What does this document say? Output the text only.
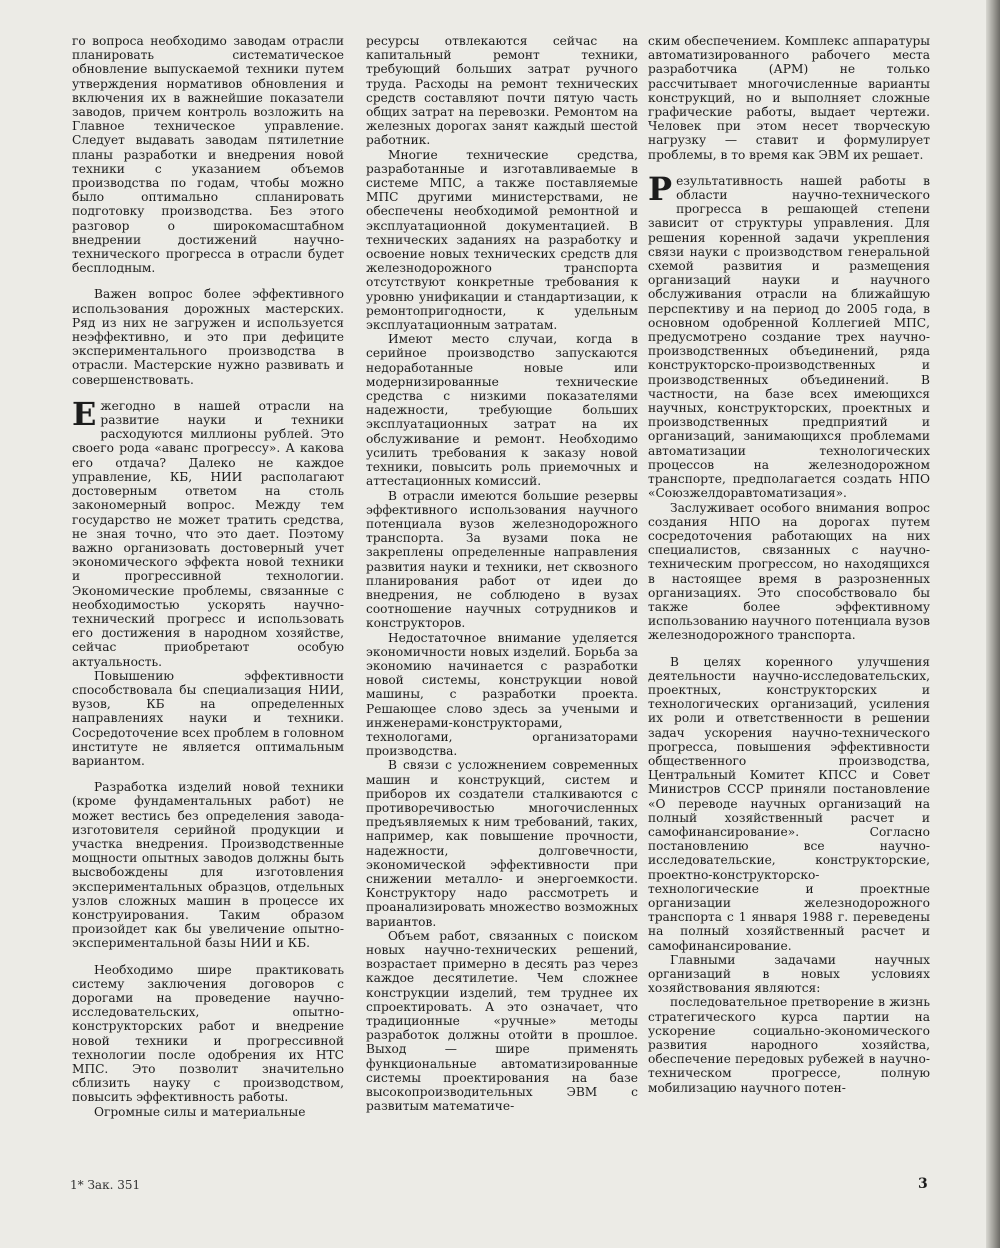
го вопроса необходимо заводам отрасли планировать систематическое обновление выпускаемой техники путем утверждения нормативов обновления и включения их в важнейшие показатели заводов, причем контроль возложить на Главное техническое управление. Следует выдавать заводам пятилетние планы разработки и внедрения новой техники с указанием объемов производства по годам, чтобы можно было оптимально спланировать подготовку производства. Без этого разговор о широкомасштабном внедрении достижений научно-технического прогресса в отрасли будет бесплодным.

Важен вопрос более эффективного использования дорожных мастерских. Ряд из них не загружен и используется неэффективно, и это при дефиците экспериментального производства в отрасли. Мастерские нужно развивать и совершенствовать.

Ежегодно в нашей отрасли на развитие науки и техники расходуются миллионы рублей. Это своего рода «аванс прогрессу». А какова его отдача? Далеко не каждое управление, КБ, НИИ располагают достоверным ответом на столь закономерный вопрос. Между тем государство не может тратить средства, не зная точно, что это дает. Поэтому важно организовать достоверный учет экономического эффекта новой техники и прогрессивной технологии. Экономические проблемы, связанные с необходимостью ускорять научно-технический прогресс и использовать его достижения в народном хозяйстве, сейчас приобретают особую актуальность.

Повышению эффективности способствовала бы специализация НИИ, вузов, КБ на определенных направлениях науки и техники. Сосредоточение всех проблем в головном институте не является оптимальным вариантом.

Разработка изделий новой техники (кроме фундаментальных работ) не может вестись без определения завода-изготовителя серийной продукции и участка внедрения. Производственные мощности опытных заводов должны быть высвобождены для изготовления экспериментальных образцов, отдельных узлов сложных машин в процессе их конструирования. Таким образом произойдет как бы увеличение опытно-экспериментальной базы НИИ и КБ.

Необходимо шире практиковать систему заключения договоров с дорогами на проведение научно-исследовательских, опытно-конструкторских работ и внедрение новой техники и прогрессивной технологии после одобрения их НТС МПС. Это позволит значительно сблизить науку с производством, повысить эффективность работы.

Огромные силы и материальные

ресурсы отвлекаются сейчас на капитальный ремонт техники, требующий больших затрат ручного труда. Расходы на ремонт технических средств составляют почти пятую часть общих затрат на перевозки. Ремонтом на железных дорогах занят каждый шестой работник.

Многие технические средства, разработанные и изготавливаемые в системе МПС, а также поставляемые МПС другими министерствами, не обеспечены необходимой ремонтной и эксплуатационной документацией. В технических заданиях на разработку и освоение новых технических средств для железнодорожного транспорта отсутствуют конкретные требования к уровню унификации и стандартизации, к ремонтопригодности, к удельным эксплуатационным затратам.

Имеют место случаи, когда в серийное производство запускаются недоработанные новые или модернизированные технические средства с низкими показателями надежности, требующие больших эксплуатационных затрат на их обслуживание и ремонт. Необходимо усилить требования к заказу новой техники, повысить роль приемочных и аттестационных комиссий.

В отрасли имеются большие резервы эффективного использования научного потенциала вузов железнодорожного транспорта. За вузами пока не закреплены определенные направления развития науки и техники, нет сквозного планирования работ от идеи до внедрения, не соблюдено в вузах соотношение научных сотрудников и конструкторов.

Недостаточное внимание уделяется экономичности новых изделий. Борьба за экономию начинается с разработки новой системы, конструкции новой машины, с разработки проекта. Решающее слово здесь за учеными и инженерами-конструкторами, технологами, организаторами производства.

В связи с усложнением современных машин и конструкций, систем и приборов их создатели сталкиваются с противоречивостью многочисленных предъявляемых к ним требований, таких, например, как повышение прочности, надежности, долговечности, экономической эффективности при снижении металло- и энергоемкости. Конструктору надо рассмотреть и проанализировать множество возможных вариантов.

Объем работ, связанных с поиском новых научно-технических решений, возрастает примерно в десять раз через каждое десятилетие. Чем сложнее конструкции изделий, тем труднее их спроектировать. А это означает, что традиционные «ручные» методы разработок должны отойти в прошлое. Выход — шире применять функциональные автоматизированные системы проектирования на базе высокопроизводительных ЭВМ с развитым математиче-

ским обеспечением. Комплекс аппаратуры автоматизированного рабочего места разработчика (АРМ) не только рассчитывает многочисленные варианты конструкций, но и выполняет сложные графические работы, выдает чертежи. Человек при этом несет творческую нагрузку — ставит и формулирует проблемы, в то время как ЭВМ их решает.

Результативность нашей работы в области научно-технического прогресса в решающей степени зависит от структуры управления. Для решения коренной задачи укрепления связи науки с производством генеральной схемой развития и размещения организаций науки и научного обслуживания отрасли на ближайшую перспективу и на период до 2005 года, в основном одобренной Коллегией МПС, предусмотрено создание трех научно-производственных объединений, ряда конструкторско-производственных и производственных объединений. В частности, на базе всех имеющихся научных, конструкторских, проектных и производственных предприятий и организаций, занимающихся проблемами автоматизации технологических процессов на железнодорожном транспорте, предполагается создать НПО «Союзжелдоравтоматизация».

Заслуживает особого внимания вопрос создания НПО на дорогах путем сосредоточения работающих на них специалистов, связанных с научно-техническим прогрессом, но находящихся в настоящее время в разрозненных организациях. Это способствовало бы также более эффективному использованию научного потенциала вузов железнодорожного транспорта.

В целях коренного улучшения деятельности научно-исследовательских, проектных, конструкторских и технологических организаций, усиления их роли и ответственности в решении задач ускорения научно-технического прогресса, повышения эффективности общественного производства, Центральный Комитет КПСС и Совет Министров СССР приняли постановление «О переводе научных организаций на полный хозяйственный расчет и самофинансирование». Согласно постановлению все научно-исследовательские, конструкторские, проектно-конструкторско-технологические и проектные организации железнодорожного транспорта с 1 января 1988 г. переведены на полный хозяйственный расчет и самофинансирование.

Главными задачами научных организаций в новых условиях хозяйствования являются:

последовательное претворение в жизнь стратегического курса партии на ускорение социально-экономического развития народного хозяйства, обеспечение передовых рубежей в научно-техническом прогрессе, полную мобилизацию научного потен-

1* Зак. 351	3
